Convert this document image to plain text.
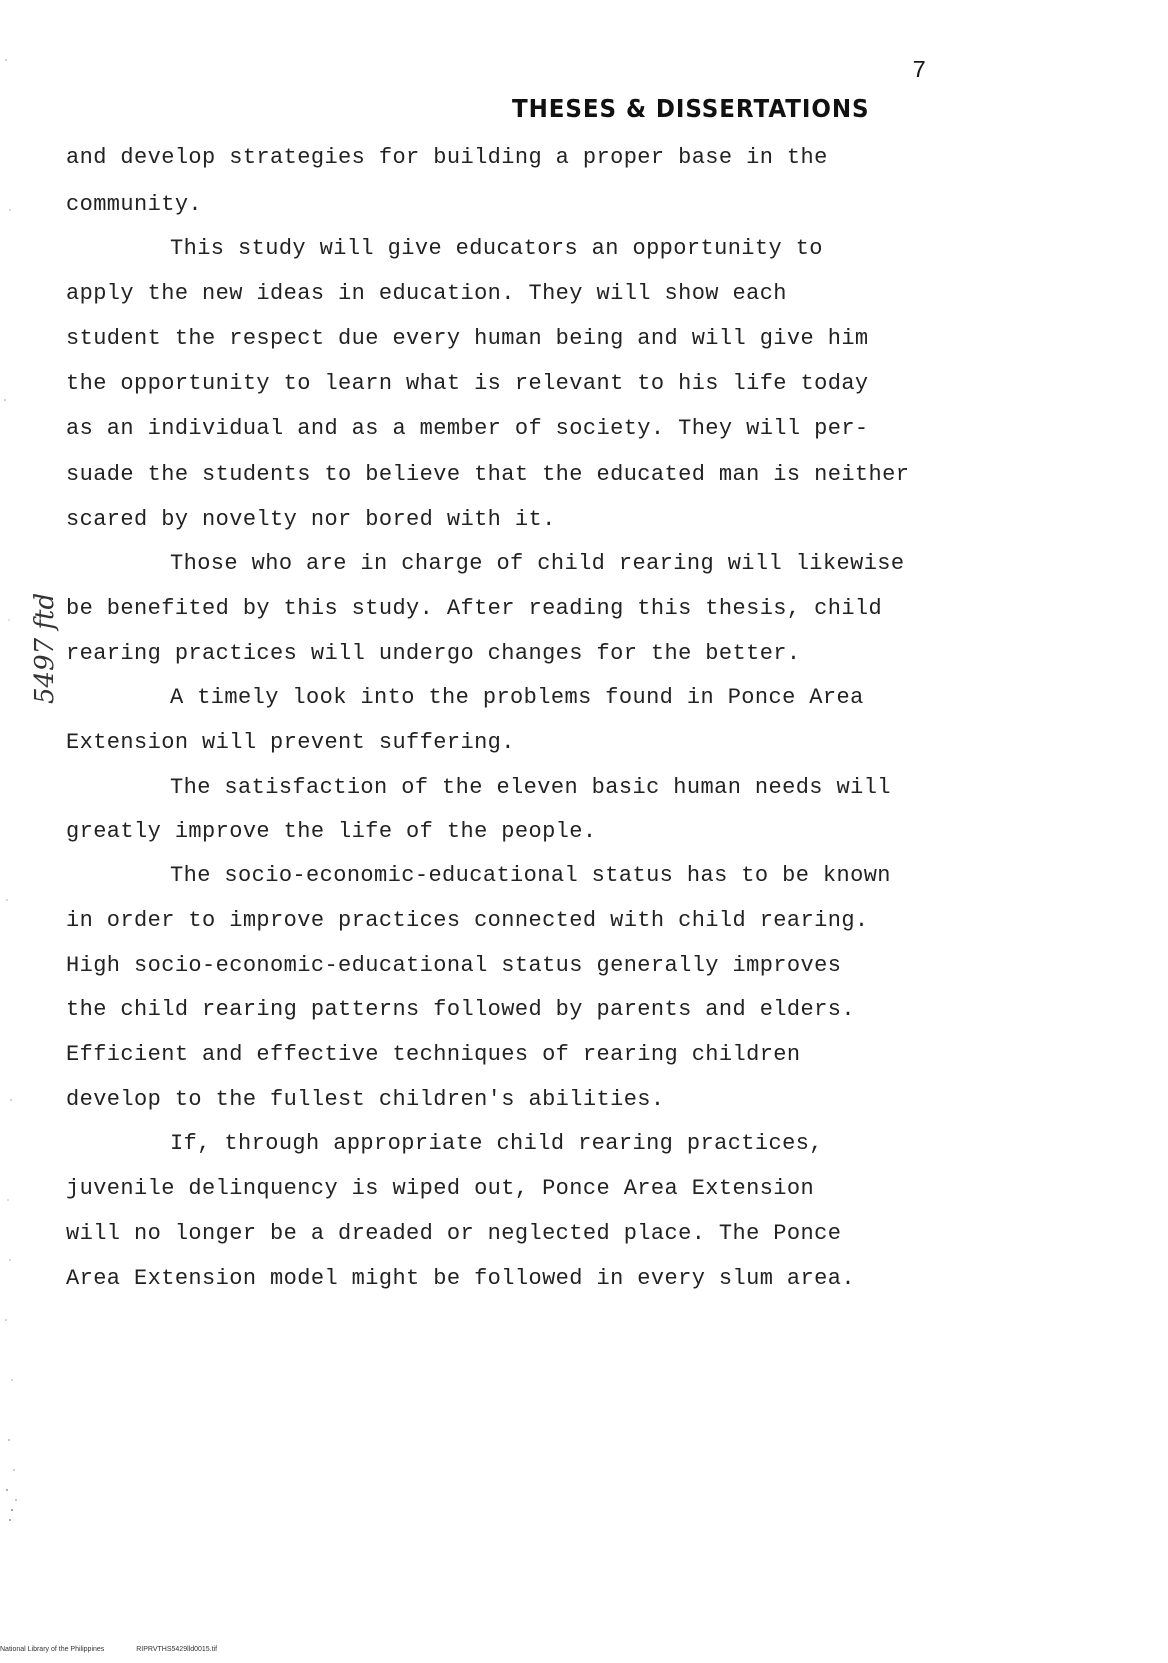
7
THESES & DISSERTATIONS
5497 ftd
and develop strategies for building a proper base in the
community.
This study will give educators an opportunity to
apply the new ideas in education. They will show each
student the respect due every human being and will give him
the opportunity to learn what is relevant to his life today
as an individual and as a member of society. They will per-
suade the students to believe that the educated man is neither
scared by novelty nor bored with it.
Those who are in charge of child rearing will likewise
be benefited by this study. After reading this thesis, child
rearing practices will undergo changes for the better.
A timely look into the problems found in Ponce Area
Extension will prevent suffering.
The satisfaction of the eleven basic human needs will
greatly improve the life of the people.
The socio-economic-educational status has to be known
in order to improve practices connected with child rearing.
High socio-economic-educational status generally improves
the child rearing patterns followed by parents and elders.
Efficient and effective techniques of rearing children
develop to the fullest children's abilities.
If, through appropriate child rearing practices,
juvenile delinquency is wiped out, Ponce Area Extension
will no longer be a dreaded or neglected place. The Ponce
Area Extension model might be followed in every slum area.
National Library of the Philippines	RIPRVTHS5429lld0015.tif
